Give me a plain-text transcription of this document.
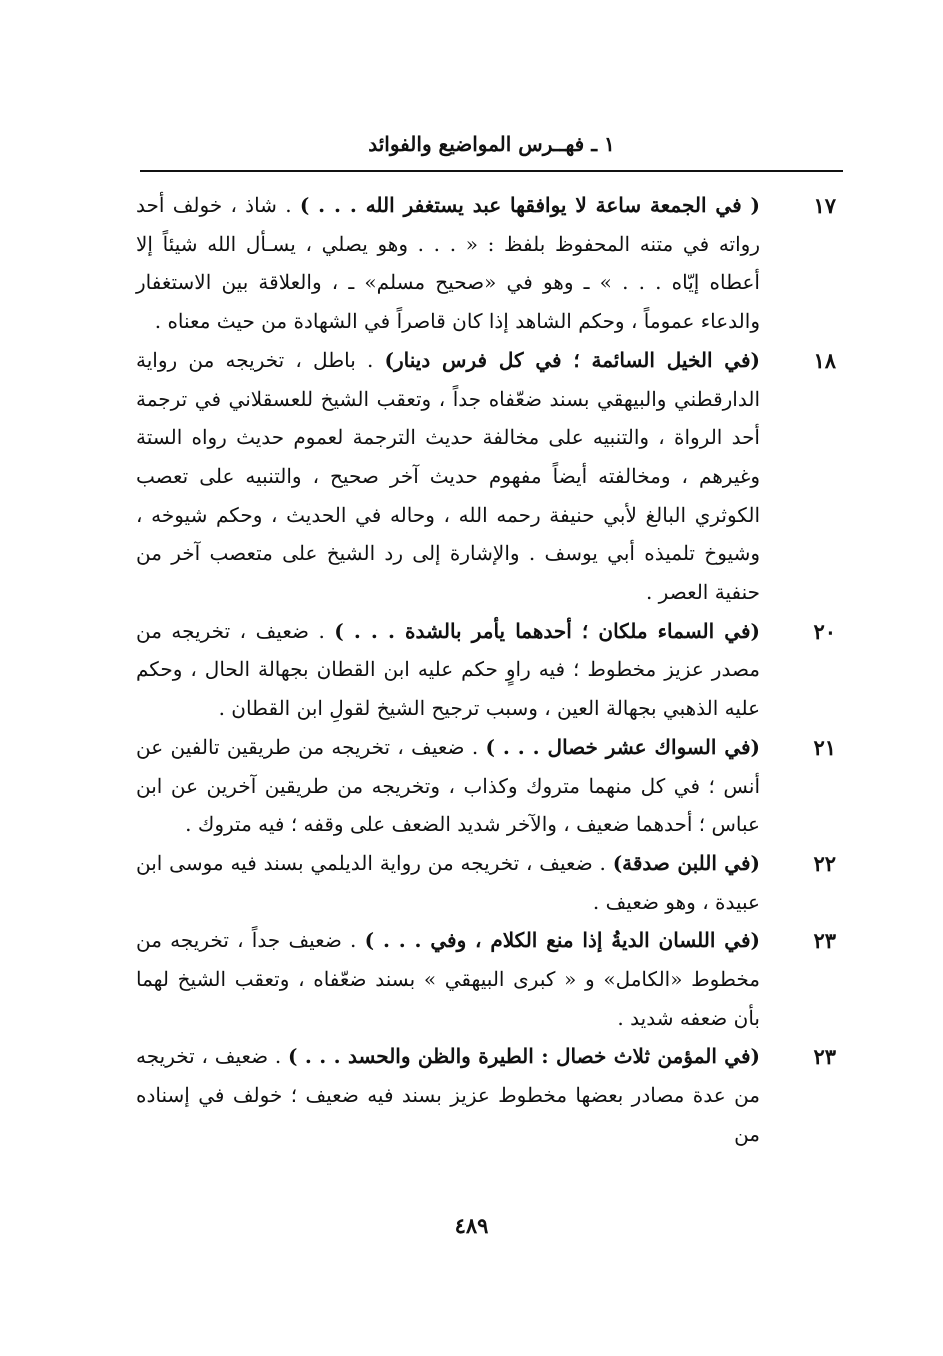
١ ـ فهــرس المواضيع والفوائد
١٧
( في الجمعة ساعة لا يوافقها عبد يستغفر الله . . . ) . شاذ ، خولف أحد رواته في متنه المحفوظ بلفظ : « . . . وهو يصلي ، يسـأل الله شيئاً إلا أعطاه إيّاه . . . » ـ وهو في «صحيح مسلم» ـ ، والعلاقة بين الاستغفار والدعاء عموماً ، وحكم الشاهد إذا كان قاصراً في الشهادة من حيث معناه .
١٨
(في الخيل السائمة ؛ في كل فرس دينار) . باطل ، تخريجه من رواية الدارقطني والبيهقي بسند ضعّفاه جداً ، وتعقب الشيخ للعسقلاني في ترجمة أحد الرواة ، والتنبيه على مخالفة حديث الترجمة لعموم حديث رواه الستة وغيرهم ، ومخالفته أيضاً مفهوم حديث آخر صحيح ، والتنبيه على تعصب الكوثري البالغ لأبي حنيفة رحمه الله ، وحاله في الحديث ، وحكم شيوخه ، وشيوخ تلميذه أبي يوسف . والإشارة إلى رد الشيخ على متعصب آخر من حنفية العصر .
٢٠
(في السماء ملكان ؛ أحدهما يأمر بالشدة . . . ) . ضعيف ، تخريجه من مصدر عزيز مخطوط ؛ فيه راوٍ حكم عليه ابن القطان بجهالة الحال ، وحكم عليه الذهبي بجهالة العين ، وسبب ترجيح الشيخ لقولِ ابن القطان .
٢١
(في السواك عشر خصال . . . ) . ضعيف ، تخريجه من طريقين تالفين عن أنس ؛ في كل منهما متروك وكذاب ، وتخريجه من طريقين آخرين عن ابن عباس ؛ أحدهما ضعيف ، والآخر شديد الضعف على وقفه ؛ فيه متروك .
٢٢
(في اللبن صدقة) . ضعيف ، تخريجه من رواية الديلمي بسند فيه موسى ابن عبيدة ، وهو ضعيف .
٢٣
(في اللسان الديةُ إذا منع الكلام ، وفي . . . ) . ضعيف جداً ، تخريجه من مخطوط «الكامل» و « كبرى البيهقي » بسند ضعّفاه ، وتعقب الشيخ لهما بأن ضعفه شديد .
٢٣
(في المؤمن ثلاث خصال : الطيرة والظن والحسد . . . ) . ضعيف ، تخريجه من عدة مصادر بعضها مخطوط عزيز بسند فيه ضعيف ؛ خولف في إسناده من
٤٨٩
